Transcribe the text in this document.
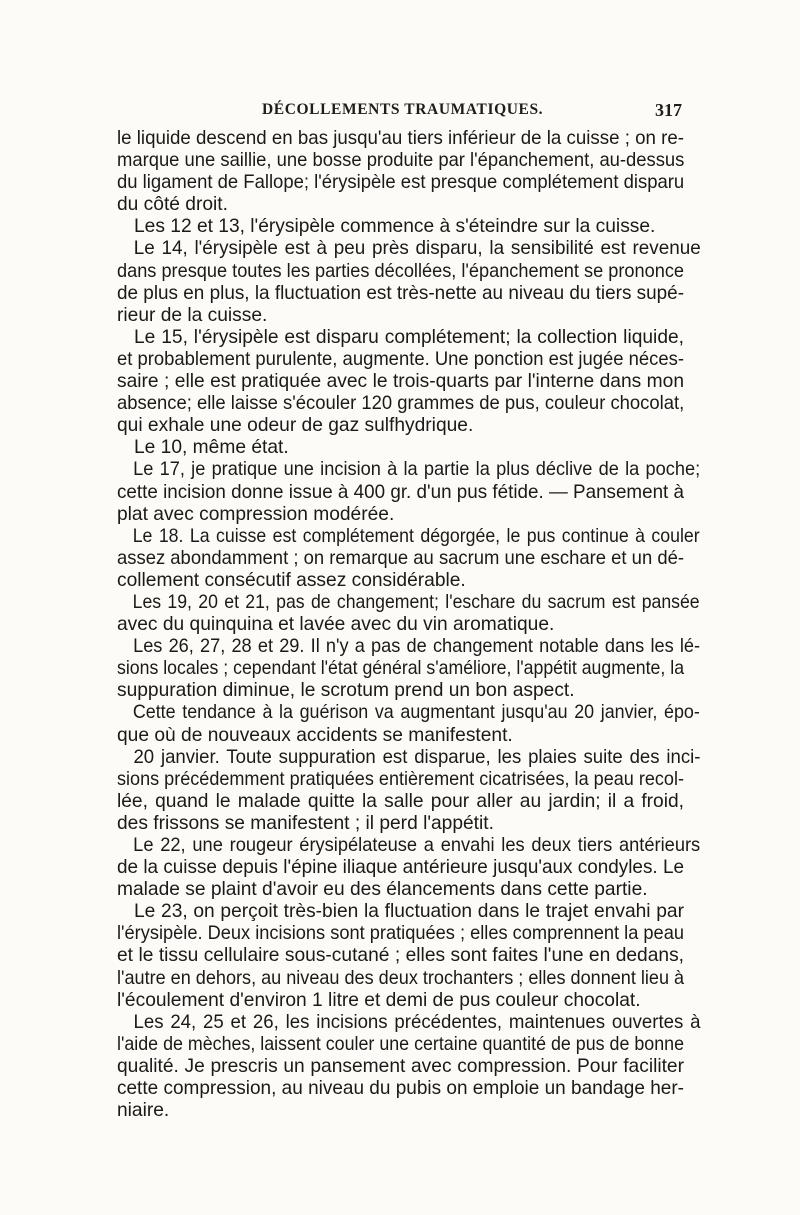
DÉCOLLEMENTS TRAUMATIQUES.	317
le liquide descend en bas jusqu'au tiers inférieur de la cuisse ; on re-
marque une saillie, une bosse produite par l'épanchement, au-dessus
du ligament de Fallope; l'érysipèle est presque complétement disparu
du côté droit.
Les 12 et 13, l'érysipèle commence à s'éteindre sur la cuisse.
Le 14, l'érysipèle est à peu près disparu, la sensibilité est revenue
dans presque toutes les parties décollées, l'épanchement se prononce
de plus en plus, la fluctuation est très-nette au niveau du tiers supé-
rieur de la cuisse.
Le 15, l'érysipèle est disparu complétement; la collection liquide,
et probablement purulente, augmente. Une ponction est jugée néces-
saire ; elle est pratiquée avec le trois-quarts par l'interne dans mon
absence; elle laisse s'écouler 120 grammes de pus, couleur chocolat,
qui exhale une odeur de gaz sulfhydrique.
Le 10, même état.
Le 17, je pratique une incision à la partie la plus déclive de la poche;
cette incision donne issue à 400 gr. d'un pus fétide. — Pansement à
plat avec compression modérée.
Le 18. La cuisse est complétement dégorgée, le pus continue à couler
assez abondamment ; on remarque au sacrum une eschare et un dé-
collement consécutif assez considérable.
Les 19, 20 et 21, pas de changement; l'eschare du sacrum est pansée
avec du quinquina et lavée avec du vin aromatique.
Les 26, 27, 28 et 29. Il n'y a pas de changement notable dans les lé-
sions locales ; cependant l'état général s'améliore, l'appétit augmente, la
suppuration diminue, le scrotum prend un bon aspect.
Cette tendance à la guérison va augmentant jusqu'au 20 janvier, épo-
que où de nouveaux accidents se manifestent.
20 janvier. Toute suppuration est disparue, les plaies suite des inci-
sions précédemment pratiquées entièrement cicatrisées, la peau recol-
lée, quand le malade quitte la salle pour aller au jardin; il a froid,
des frissons se manifestent ; il perd l'appétit.
Le 22, une rougeur érysipélateuse a envahi les deux tiers antérieurs
de la cuisse depuis l'épine iliaque antérieure jusqu'aux condyles. Le
malade se plaint d'avoir eu des élancements dans cette partie.
Le 23, on perçoit très-bien la fluctuation dans le trajet envahi par
l'érysipèle. Deux incisions sont pratiquées ; elles comprennent la peau
et le tissu cellulaire sous-cutané ; elles sont faites l'une en dedans,
l'autre en dehors, au niveau des deux trochanters ; elles donnent lieu à
l'écoulement d'environ 1 litre et demi de pus couleur chocolat.
Les 24, 25 et 26, les incisions précédentes, maintenues ouvertes à
l'aide de mèches, laissent couler une certaine quantité de pus de bonne
qualité. Je prescris un pansement avec compression. Pour faciliter
cette compression, au niveau du pubis on emploie un bandage her-
niaire.
